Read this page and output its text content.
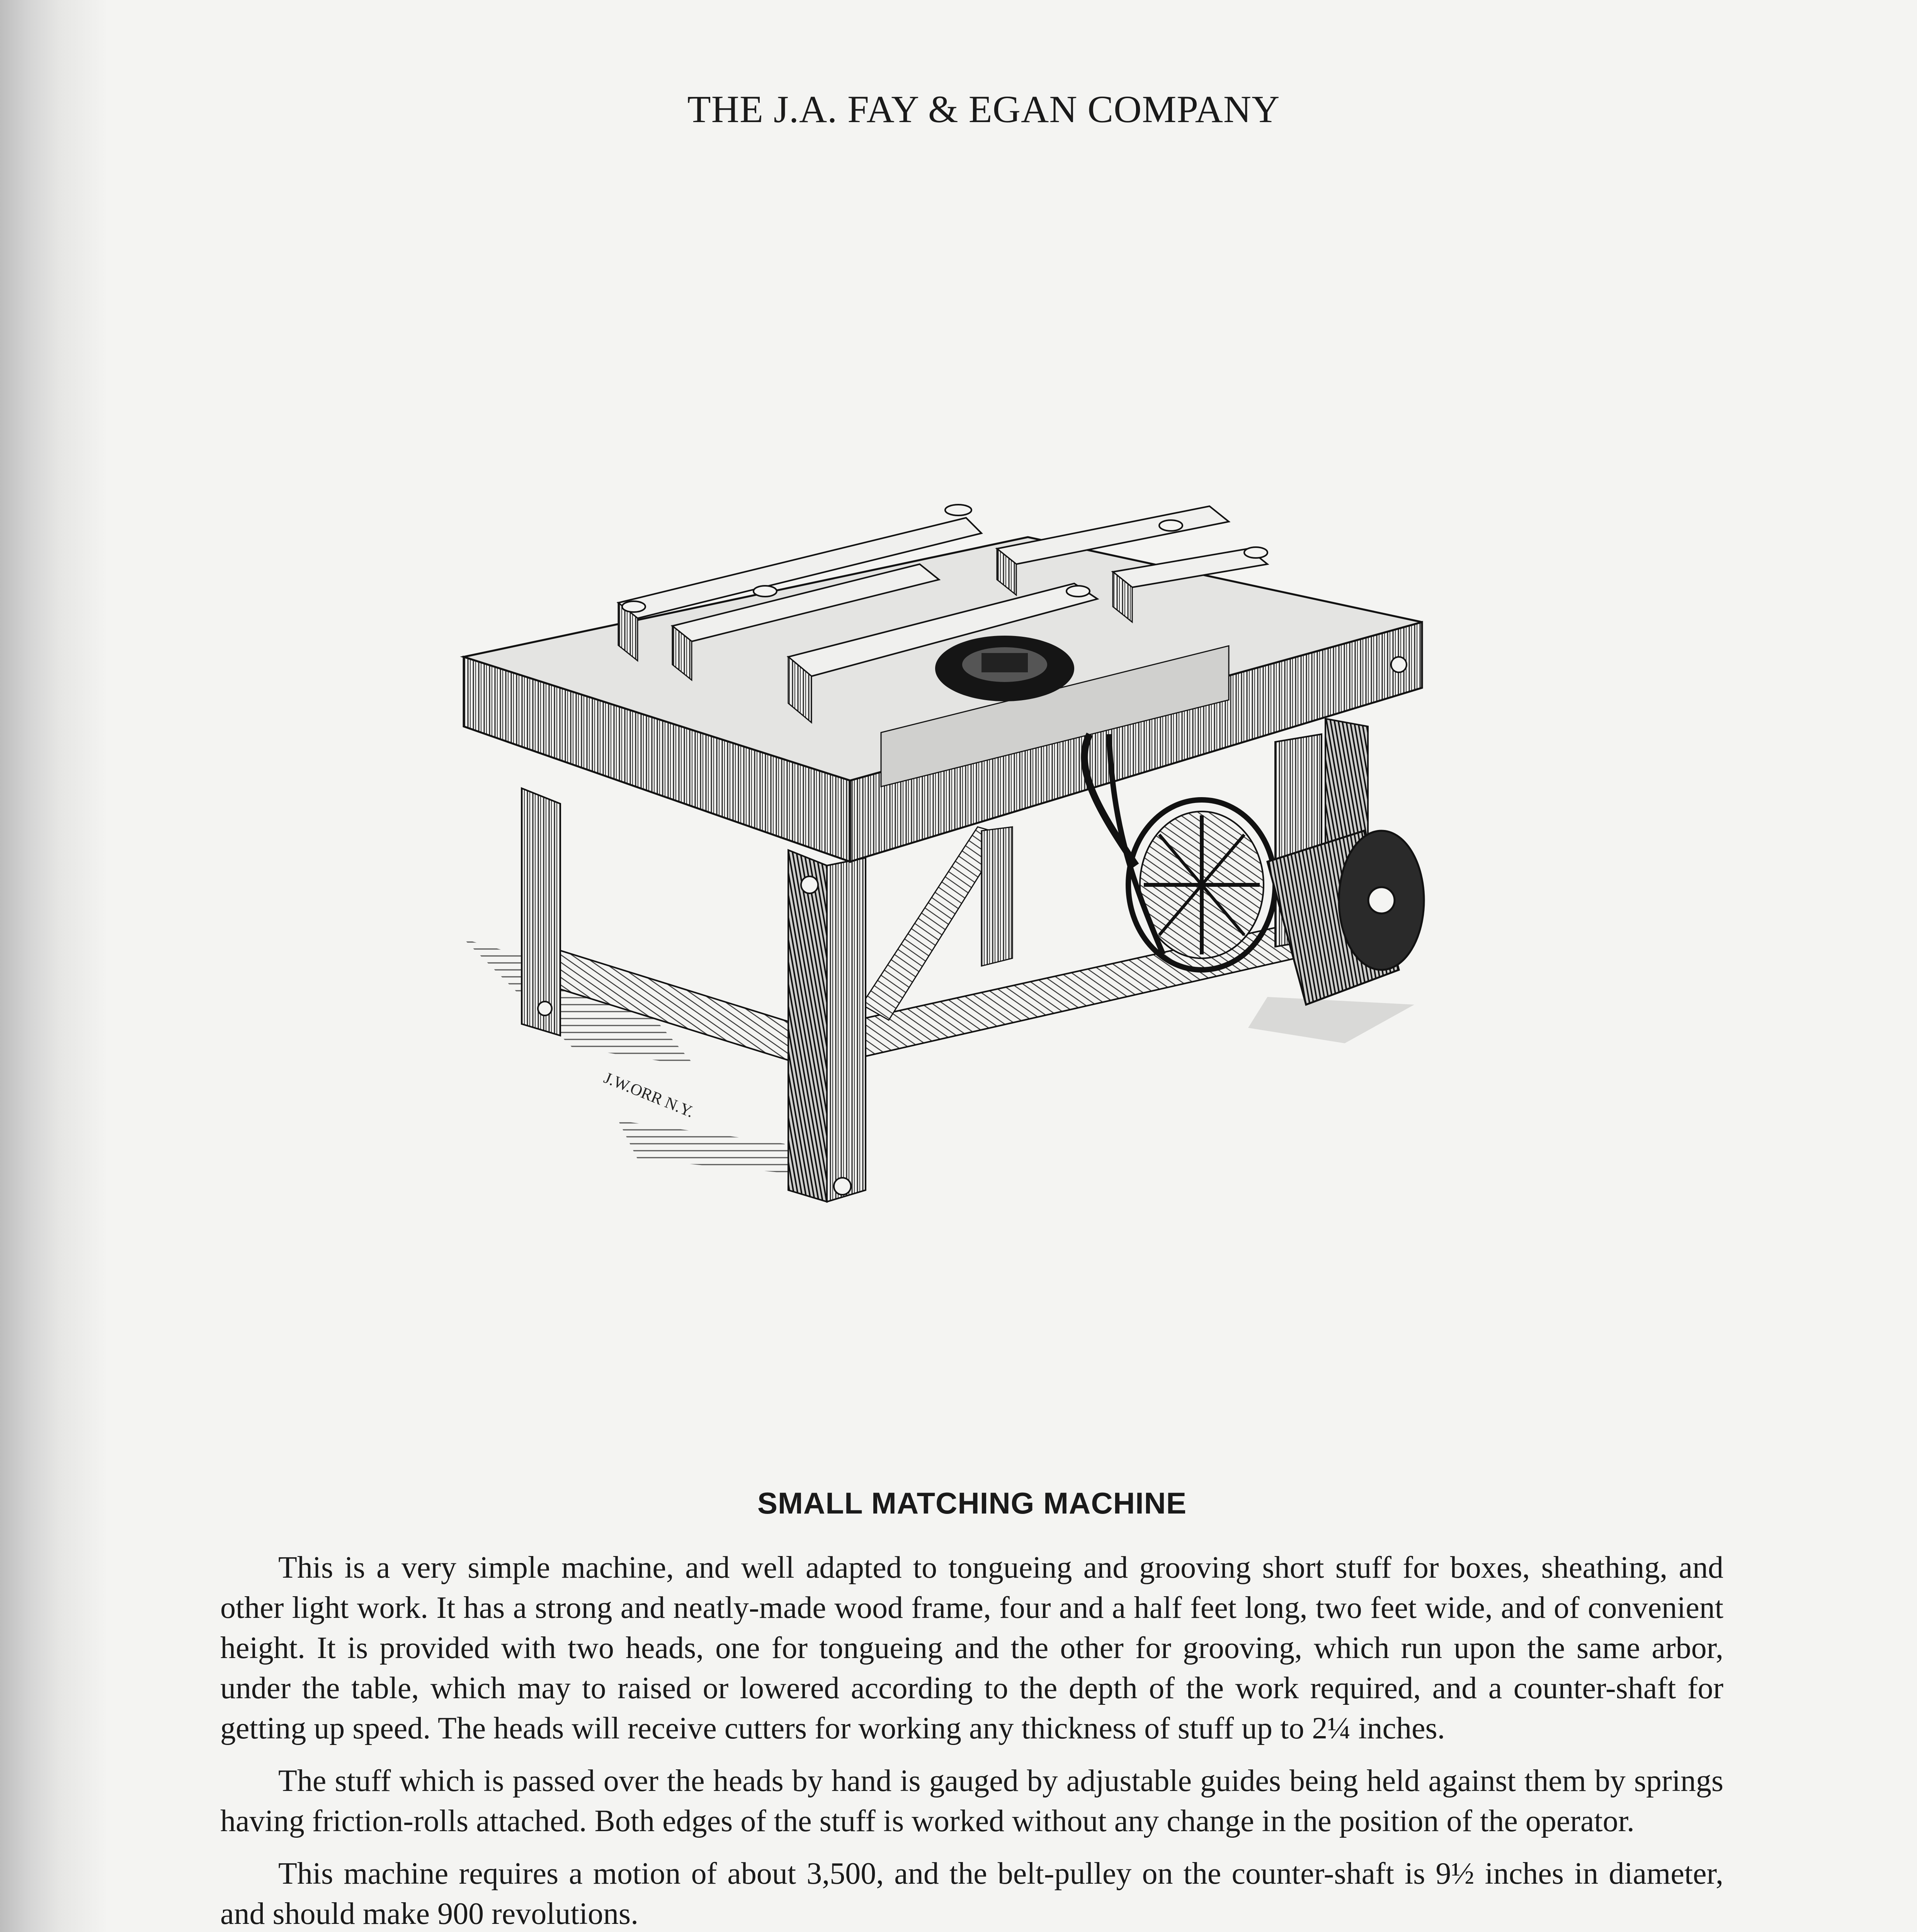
THE J.A. FAY & EGAN COMPANY
J.W.ORR N.Y.
SMALL MATCHING MACHINE

This is a very simple machine, and well adapted to tongueing and grooving short stuff for boxes, sheathing, and other light work. It has a strong and neatly-made wood frame, four and a half feet long, two feet wide, and of convenient height. It is provided with two heads, one for tongueing and the other for grooving, which run upon the same arbor, under the table, which may to raised or lowered according to the depth of the work required, and a counter-shaft for getting up speed. The heads will receive cutters for working any thickness of stuff up to 2¼ inches.

The stuff which is passed over the heads by hand is gauged by adjustable guides being held against them by springs having friction-rolls attached. Both edges of the stuff is worked without any change in the position of the operator.

This machine requires a motion of about 3,500, and the belt-pulley on the counter-shaft is 9½ inches in diameter, and should make 900 revolutions.
